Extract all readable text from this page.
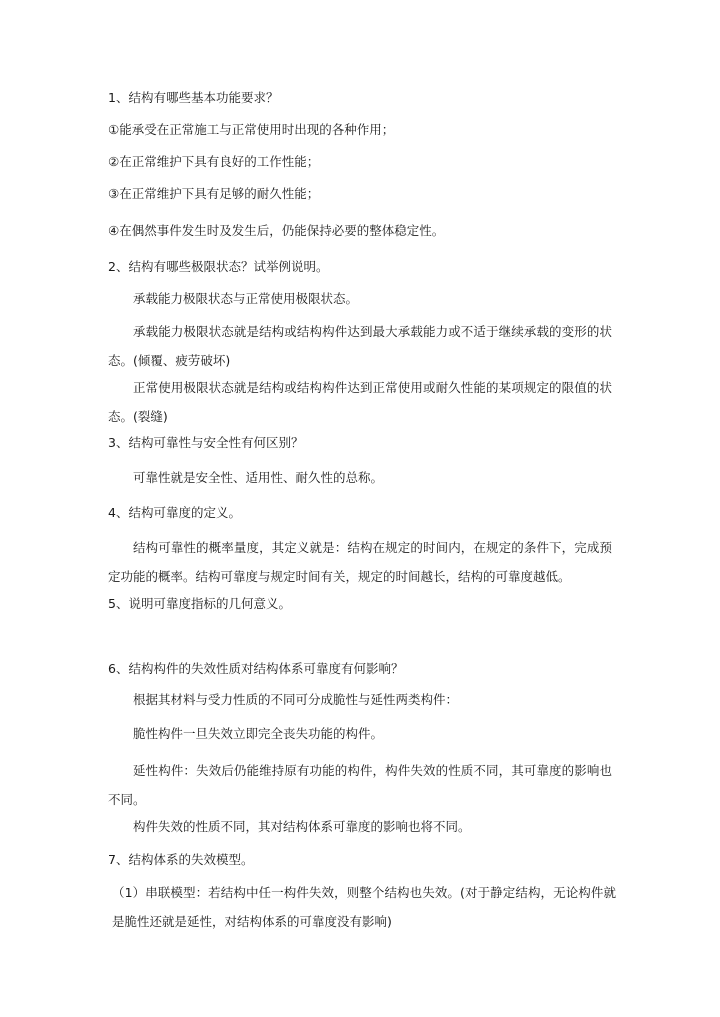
1、结构有哪些基本功能要求？
①能承受在正常施工与正常使用时出现的各种作用；
②在正常维护下具有良好的工作性能；
③在正常维护下具有足够的耐久性能；
④在偶然事件发生时及发生后，仍能保持必要的整体稳定性。
2、结构有哪些极限状态？试举例说明。
承载能力极限状态与正常使用极限状态。
承载能力极限状态就是结构或结构构件达到最大承载能力或不适于继续承载的变形的状态。(倾覆、疲劳破坏)
正常使用极限状态就是结构或结构构件达到正常使用或耐久性能的某项规定的限值的状态。(裂缝)
3、结构可靠性与安全性有何区别？
可靠性就是安全性、适用性、耐久性的总称。
4、结构可靠度的定义。
结构可靠性的概率量度，其定义就是：结构在规定的时间内，在规定的条件下，完成预定功能的概率。结构可靠度与规定时间有关，规定的时间越长，结构的可靠度越低。
5、说明可靠度指标的几何意义。
6、结构构件的失效性质对结构体系可靠度有何影响？
根据其材料与受力性质的不同可分成脆性与延性两类构件：
脆性构件一旦失效立即完全丧失功能的构件。
延性构件：失效后仍能维持原有功能的构件，构件失效的性质不同，其可靠度的影响也不同。
构件失效的性质不同，其对结构体系可靠度的影响也将不同。
7、结构体系的失效模型。
（1）串联模型：若结构中任一构件失效，则整个结构也失效。(对于静定结构，无论构件就是脆性还就是延性，对结构体系的可靠度没有影响)
